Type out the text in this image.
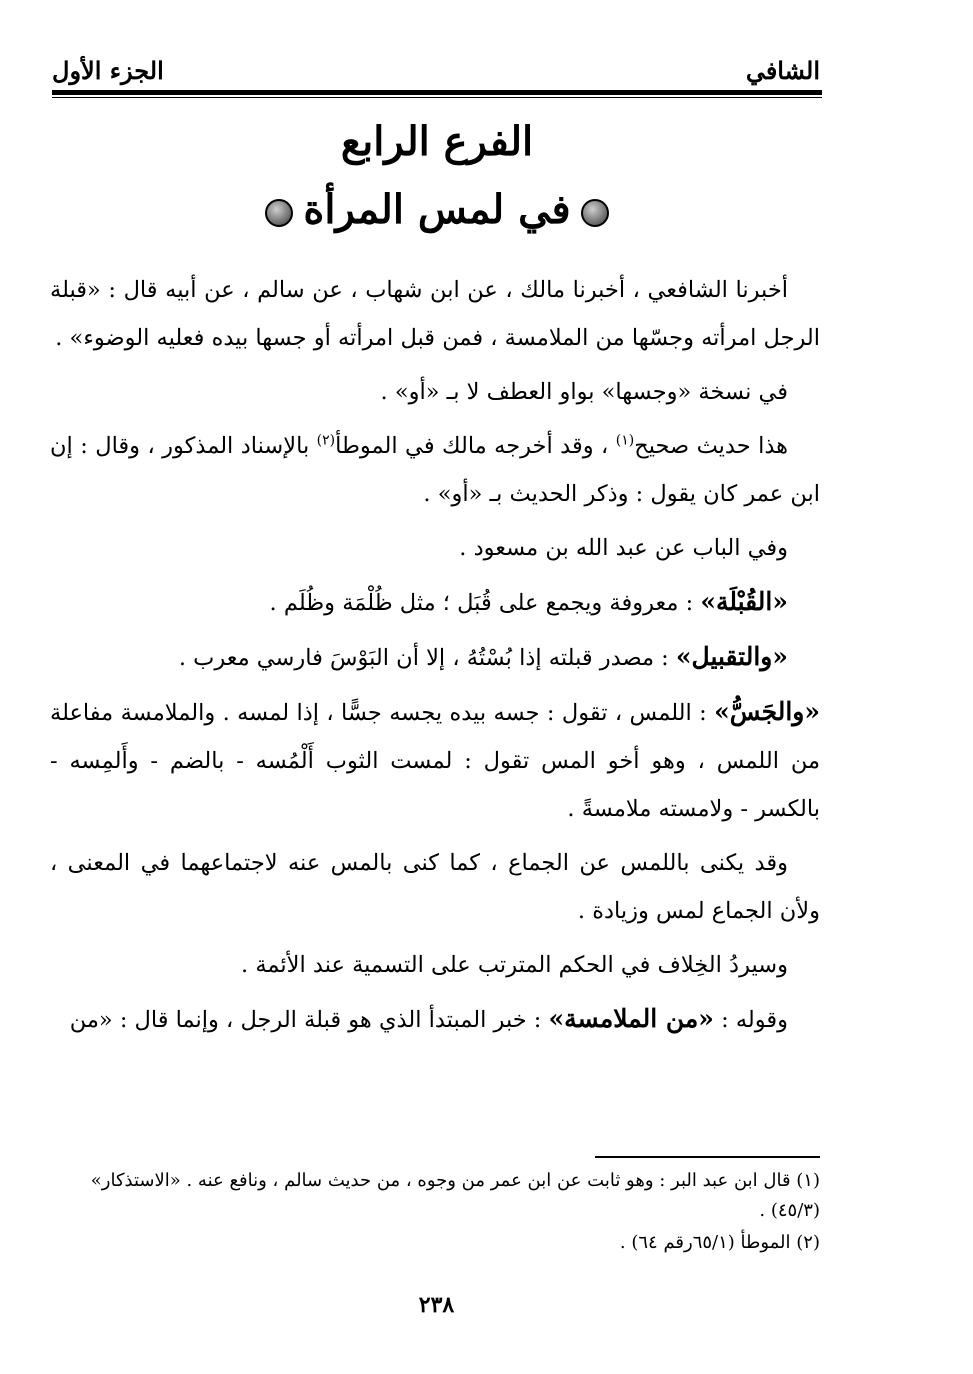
الشافي
الجزء الأول
الفرع الرابع
في لمس المرأة

أخبرنا الشافعي ، أخبرنا مالك ، عن ابن شهاب ، عن سالم ، عن أبيه قال : «قبلة الرجل امرأته وجسّها من الملامسة ، فمن قبل امرأته أو جسها بيده فعليه الوضوء» .

في نسخة «وجسها» بواو العطف لا بـ «أو» .

هذا حديث صحيح$^{(١)}$ ، وقد أخرجه مالك في الموطأ$^{(٢)}$ بالإسناد المذكور ، وقال : إن ابن عمر كان يقول : وذكر الحديث بـ «أو» .

وفي الباب عن عبد الله بن مسعود .

«القُبْلَة» : معروفة ويجمع على قُبَل ؛ مثل ظُلْمَة وظُلَم .

«والتقبيل» : مصدر قبلته إذا بُسْتُهُ ، إلا أن البَوْسَ فارسي معرب .

«والجَسُّ» : اللمس ، تقول : جسه بيده يجسه جسًّا ، إذا لمسه . والملامسة مفاعلة من اللمس ، وهو أخو المس تقول : لمست الثوب أَلْمُسه - بالضم - وأَلمِسه - بالكسر - ولامسته ملامسةً .

وقد يكنى باللمس عن الجماع ، كما كنى بالمس عنه لاجتماعهما في المعنى ، ولأن الجماع لمس وزيادة .

وسيردُ الخِلاف في الحكم المترتب على التسمية عند الأئمة .

وقوله : «من الملامسة» : خبر المبتدأ الذي هو قبلة الرجل ، وإنما قال : «من

(١) قال ابن عبد البر : وهو ثابت عن ابن عمر من وجوه ، من حديث سالم ، ونافع عنه . «الاستذكار» (٤٥/٣) .

(٢) الموطأ (٦٥/١رقم ٦٤) .

٢٣٨
